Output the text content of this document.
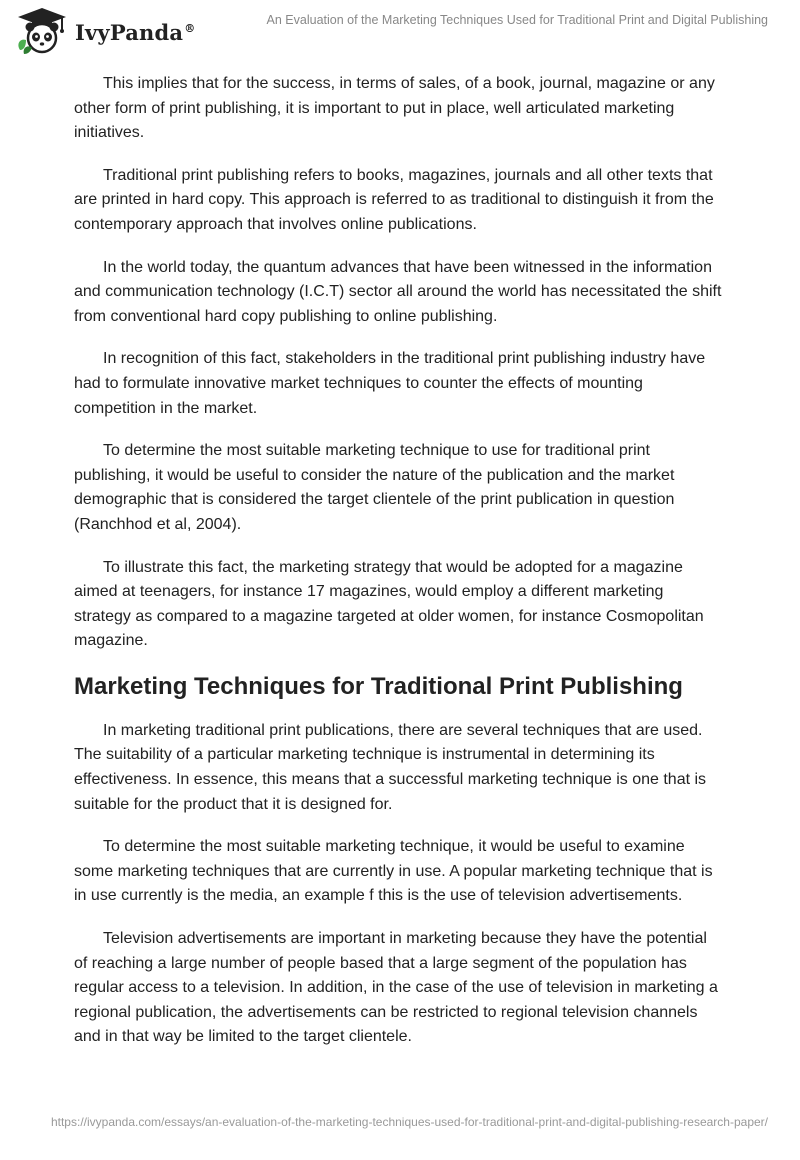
IvyPanda®
An Evaluation of the Marketing Techniques Used for Traditional Print and Digital Publishing

This implies that for the success, in terms of sales, of a book, journal, magazine or any other form of print publishing, it is important to put in place, well articulated marketing initiatives.

Traditional print publishing refers to books, magazines, journals and all other texts that are printed in hard copy. This approach is referred to as traditional to distinguish it from the contemporary approach that involves online publications.

In the world today, the quantum advances that have been witnessed in the information and communication technology (I.C.T) sector all around the world has necessitated the shift from conventional hard copy publishing to online publishing.

In recognition of this fact, stakeholders in the traditional print publishing industry have had to formulate innovative market techniques to counter the effects of mounting competition in the market.

To determine the most suitable marketing technique to use for traditional print publishing, it would be useful to consider the nature of the publication and the market demographic that is considered the target clientele of the print publication in question (Ranchhod et al, 2004).

To illustrate this fact, the marketing strategy that would be adopted for a magazine aimed at teenagers, for instance 17 magazines, would employ a different marketing strategy as compared to a magazine targeted at older women, for instance Cosmopolitan magazine.

Marketing Techniques for Traditional Print Publishing

In marketing traditional print publications, there are several techniques that are used. The suitability of a particular marketing technique is instrumental in determining its effectiveness. In essence, this means that a successful marketing technique is one that is suitable for the product that it is designed for.

To determine the most suitable marketing technique, it would be useful to examine some marketing techniques that are currently in use. A popular marketing technique that is in use currently is the media, an example f this is the use of television advertisements.

Television advertisements are important in marketing because they have the potential of reaching a large number of people based that a large segment of the population has regular access to a television. In addition, in the case of the use of television in marketing a regional publication, the advertisements can be restricted to regional television channels and in that way be limited to the target clientele.

https://ivypanda.com/essays/an-evaluation-of-the-marketing-techniques-used-for-traditional-print-and-digital-publishing-research-paper/
